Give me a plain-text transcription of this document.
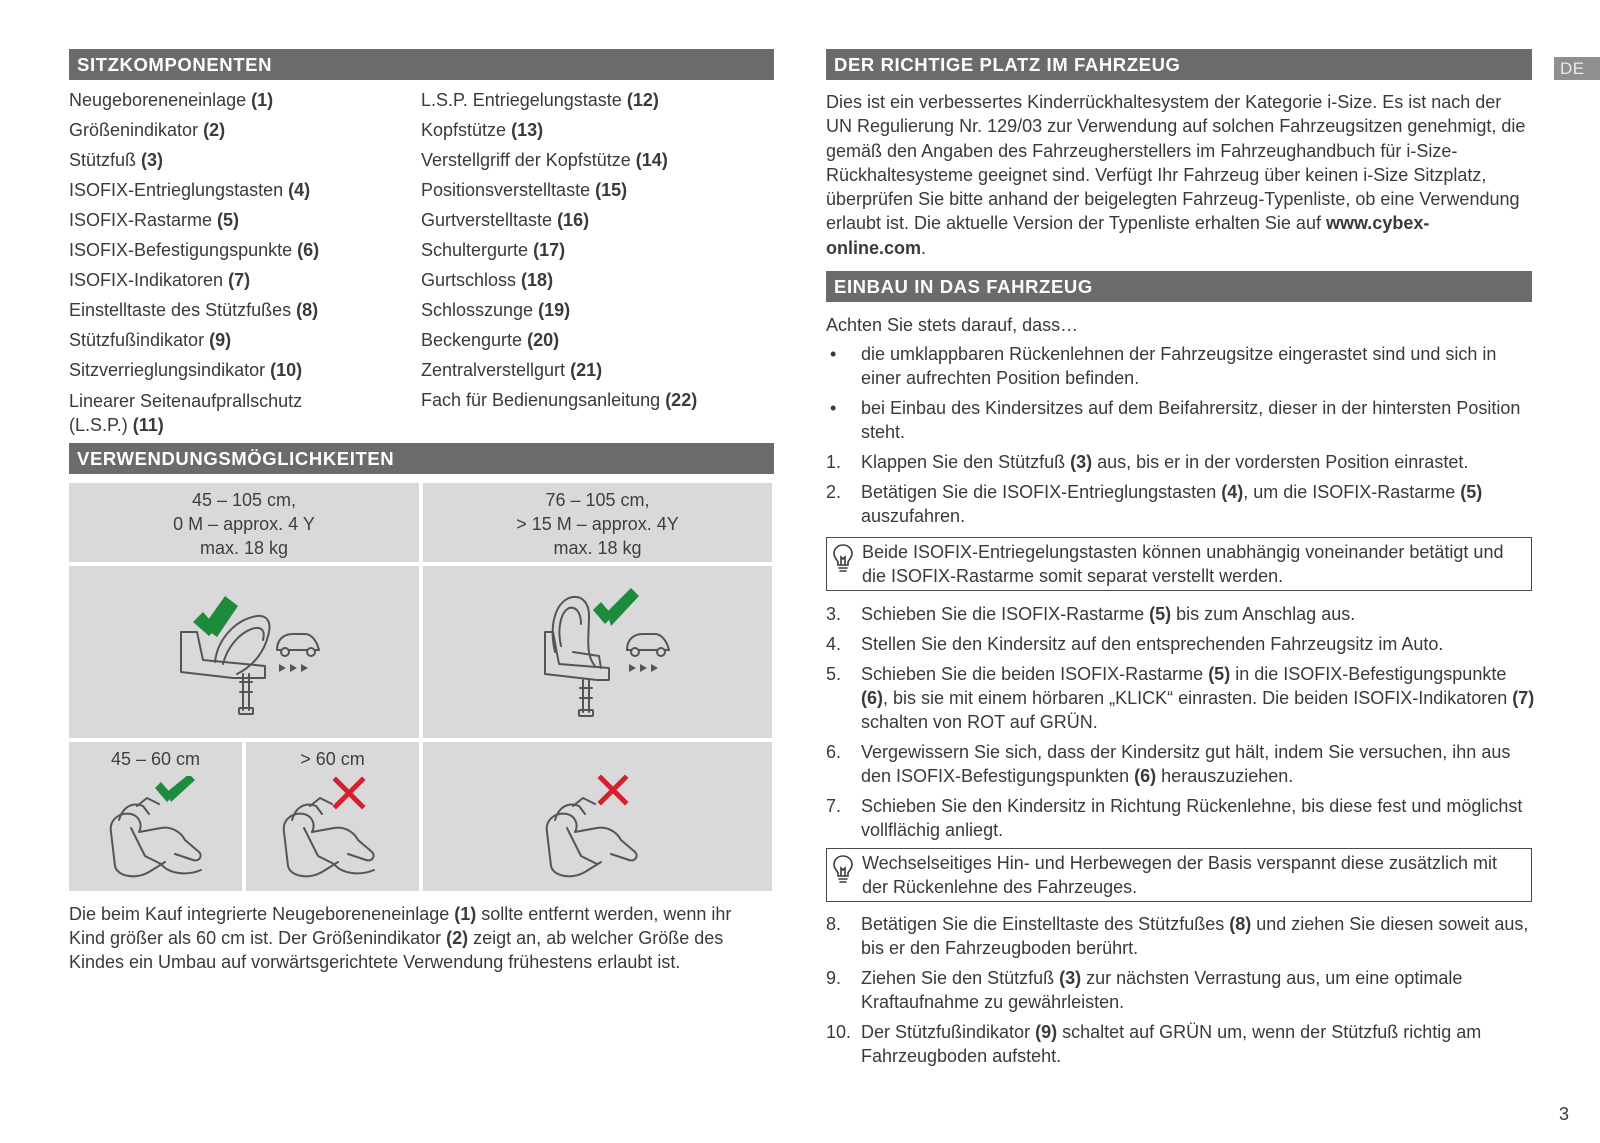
DE
SITZKOMPONENTEN
Neugeboreneneinlage (1)
Größenindikator (2)
Stützfuß (3)
ISOFIX-Entrieglungstasten (4)
ISOFIX-Rastarme (5)
ISOFIX-Befestigungspunkte (6)
ISOFIX-Indikatoren (7)
Einstelltaste des Stützfußes (8)
Stützfußindikator (9)
Sitzverrieglungsindikator (10)
Linearer Seitenaufprallschutz (L.S.P.) (11)
L.S.P. Entriegelungstaste (12)
Kopfstütze (13)
Verstellgriff der Kopfstütze (14)
Positionsverstelltaste (15)
Gurtverstelltaste (16)
Schultergurte (17)
Gurtschloss (18)
Schlosszunge (19)
Beckengurte (20)
Zentralverstellgurt (21)
Fach für Bedienungsanleitung (22)
VERWENDUNGSMÖGLICHKEITEN
45 – 105 cm,
0 M – approx. 4 Y
max. 18 kg
76 – 105 cm,
> 15 M – approx. 4Y
max. 18 kg
45 – 60 cm	> 60 cm
Die beim Kauf integrierte Neugeboreneneinlage (1) sollte entfernt werden, wenn ihr Kind größer als 60 cm ist. Der Größenindikator (2) zeigt an, ab welcher Größe des Kindes ein Umbau auf vorwärtsgerichtete Verwendung frühestens erlaubt ist.
DER RICHTIGE PLATZ IM FAHRZEUG
Dies ist ein verbessertes Kinderrückhaltesystem der Kategorie i-Size. Es ist nach der UN Regulierung Nr. 129/03 zur Verwendung auf solchen Fahrzeugsitzen genehmigt, die gemäß den Angaben des Fahrzeugherstellers im Fahrzeughandbuch für i-Size-Rückhaltesysteme geeignet sind. Verfügt Ihr Fahrzeug über keinen i-Size Sitzplatz, überprüfen Sie bitte anhand der beigelegten Fahrzeug-Typenliste, ob eine Verwendung erlaubt ist. Die aktuelle Version der Typenliste erhalten Sie auf www.cybex-online.com.
EINBAU IN DAS FAHRZEUG
Achten Sie stets darauf, dass…
• die umklappbaren Rückenlehnen der Fahrzeugsitze eingerastet sind und sich in einer aufrechten Position befinden.
• bei Einbau des Kindersitzes auf dem Beifahrersitz, dieser in der hintersten Position steht.
1. Klappen Sie den Stützfuß (3) aus, bis er in der vordersten Position einrastet.
2. Betätigen Sie die ISOFIX-Entrieglungstasten (4), um die ISOFIX-Rastarme (5) auszufahren.
Beide ISOFIX-Entriegelungstasten können unabhängig voneinander betätigt und die ISOFIX-Rastarme somit separat verstellt werden.
3. Schieben Sie die ISOFIX-Rastarme (5) bis zum Anschlag aus.
4. Stellen Sie den Kindersitz auf den entsprechenden Fahrzeugsitz im Auto.
5. Schieben Sie die beiden ISOFIX-Rastarme (5) in die ISOFIX-Befestigungspunkte (6), bis sie mit einem hörbaren „KLICK“ einrasten. Die beiden ISOFIX-Indikatoren (7) schalten von ROT auf GRÜN.
6. Vergewissern Sie sich, dass der Kindersitz gut hält, indem Sie versuchen, ihn aus den ISOFIX-Befestigungspunkten (6) herauszuziehen.
7. Schieben Sie den Kindersitz in Richtung Rückenlehne, bis diese fest und möglichst vollflächig anliegt.
Wechselseitiges Hin- und Herbewegen der Basis verspannt diese zusätzlich mit der Rückenlehne des Fahrzeuges.
8. Betätigen Sie die Einstelltaste des Stützfußes (8) und ziehen Sie diesen soweit aus, bis er den Fahrzeugboden berührt.
9. Ziehen Sie den Stützfuß (3) zur nächsten Verrastung aus, um eine optimale Kraftaufnahme zu gewährleisten.
10. Der Stützfußindikator (9) schaltet auf GRÜN um, wenn der Stützfuß richtig am Fahrzeugboden aufsteht.
3
